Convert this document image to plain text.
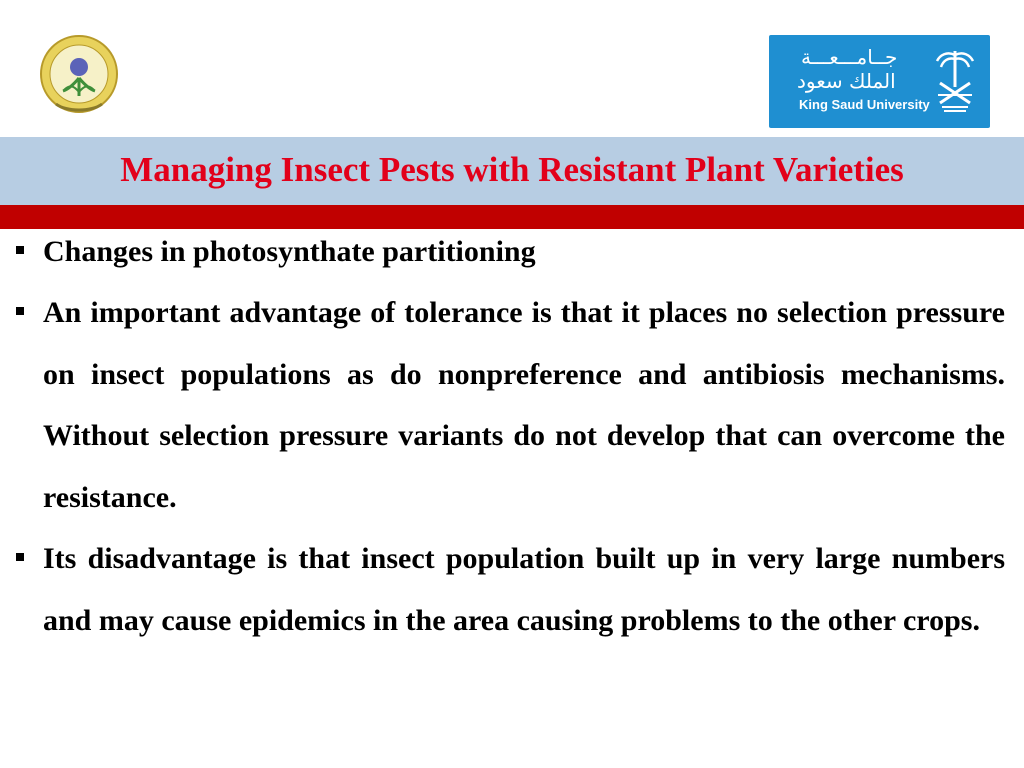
جــامـــعـــة
الملك سعود
King Saud University
Managing Insect Pests with Resistant Plant Varieties

Changes in photosynthate partitioning

An important advantage of tolerance is that it places no selection pressure on insect populations as do nonpreference and antibiosis mechanisms. Without selection pressure variants do not develop that can overcome the resistance.

Its disadvantage is that insect population built up in very large numbers and may cause epidemics in the area causing problems to the other crops.
